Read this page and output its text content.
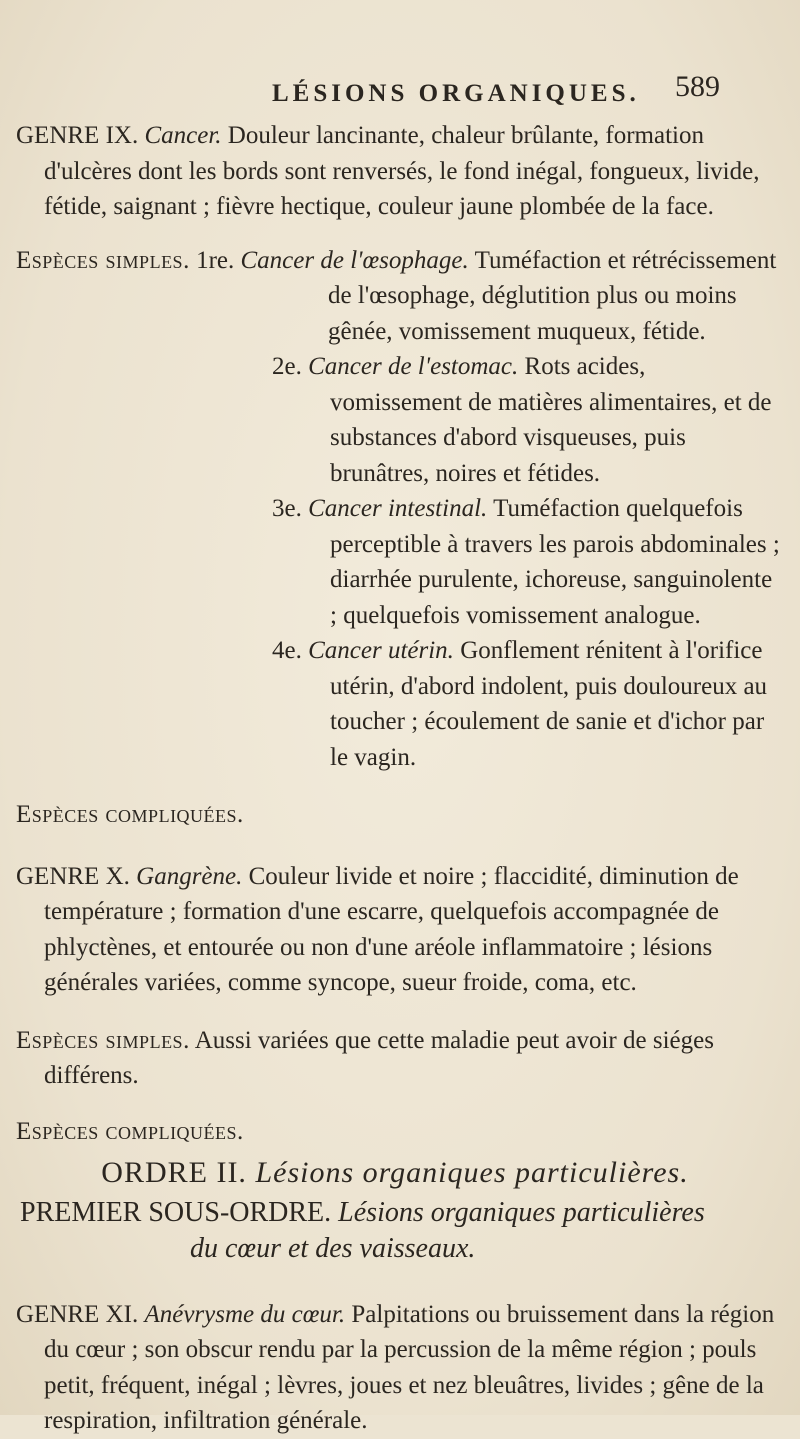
LÉSIONS ORGANIQUES. 589

GENRE IX. Cancer. Douleur lancinante, chaleur brûlante, formation d'ulcères dont les bords sont renversés, le fond inégal, fongueux, livide, fétide, saignant ; fièvre hectique, couleur jaune plombée de la face.

Espèces simples. 1re. Cancer de l'œsophage. Tuméfaction et rétrécissement de l'œsophage, déglutition plus ou moins gênée, vomissement muqueux, fétide.

2e. Cancer de l'estomac. Rots acides, vomissement de matières alimentaires, et de substances d'abord visqueuses, puis brunâtres, noires et fétides.

3e. Cancer intestinal. Tuméfaction quelquefois perceptible à travers les parois abdominales ; diarrhée purulente, ichoreuse, sanguinolente ; quelquefois vomissement analogue.

4e. Cancer utérin. Gonflement rénitent à l'orifice utérin, d'abord indolent, puis douloureux au toucher ; écoulement de sanie et d'ichor par le vagin.

Espèces compliquées.

GENRE X. Gangrène. Couleur livide et noire ; flaccidité, diminution de température ; formation d'une escarre, quelquefois accompagnée de phlyctènes, et entourée ou non d'une aréole inflammatoire ; lésions générales variées, comme syncope, sueur froide, coma, etc.

Espèces simples. Aussi variées que cette maladie peut avoir de siéges différens.

Espèces compliquées.

ORDRE II. Lésions organiques particulières.

PREMIER SOUS-ORDRE. Lésions organiques particulières
du cœur et des vaisseaux.

GENRE XI. Anévrysme du cœur. Palpitations ou bruissement dans la région du cœur ; son obscur rendu par la percussion de la même région ; pouls petit, fréquent, inégal ; lèvres, joues et nez bleuâtres, livides ; gêne de la respiration, infiltration générale.
